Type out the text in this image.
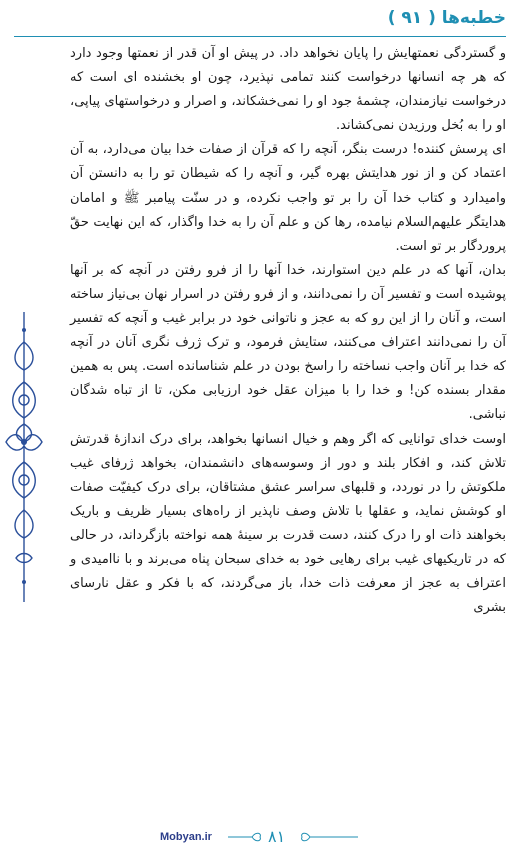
خطبه‌ها ( ۹۱ )

و گستردگی نعمتهایش را پایان نخواهد داد. در پیش او آن قدر از نعمتها وجود دارد که هر چه انسانها درخواست کنند تمامی نپذیرد، چون او بخشنده ای است که درخواست نیازمندان، چشمهٔ جود او را نمی‌خشکاند، و اصرار و درخواستهای پیاپی، او را به بُخل ورزیدن نمی‌کشاند.

ای پرسش کننده! درست بنگر، آنچه را که قرآن از صفات خدا بیان می‌دارد، به آن اعتماد کن و از نور هدایتش بهره گیر، و آنچه را که شیطان تو را به دانستن آن وامیدارد و کتاب خدا آن را بر تو واجب نکرده، و در سنّت پیامبر ﷺ و امامان هدایتگر علیهم‌السلام نیامده، رها کن و علم آن را به خدا واگذار، که این نهایت حقّ پروردگار بر تو است.

بدان، آنها که در علم دین استوارند، خدا آنها را از فرو رفتن در آنچه که بر آنها پوشیده است و تفسیر آن را نمی‌دانند، و از فرو رفتن در اسرار نهان بی‌نیاز ساخته است، و آنان را از این رو که به عجز و ناتوانی خود در برابر غیب و آنچه که تفسیر آن را نمی‌دانند اعتراف می‌کنند، ستایش فرمود، و ترک ژرف نگری آنان در آنچه که خدا بر آنان واجب نساخته را راسخ بودن در علم شناسانده است. پس به همین مقدار بسنده کن! و خدا را با میزان عقل خود ارزیابی مکن، تا از تباه شدگان نباشی.

اوست خدای توانایی که اگر وهم و خیال انسانها بخواهد، برای درک اندازهٔ قدرتش تلاش کند، و افکار بلند و دور از وسوسه‌های دانشمندان، بخواهد ژرفای غیب ملکوتش را در نوردد، و قلبهای سراسر عشق مشتاقان، برای درک کیفیّت صفات او کوشش نماید، و عقلها با تلاش وصف ناپذیر از راه‌های بسیار ظریف و باریک بخواهند ذات او را درک کنند، دست قدرت بر سینهٔ همه نواخته بازگرداند، در حالی که در تاریکیهای غیب برای رهایی خود به خدای سبحان پناه می‌برند و با ناامیدی و اعتراف به عجز از معرفت ذات خدا، باز می‌گردند، که با فکر و عقل نارسای بشری

Mobyan.ir	۸۱
